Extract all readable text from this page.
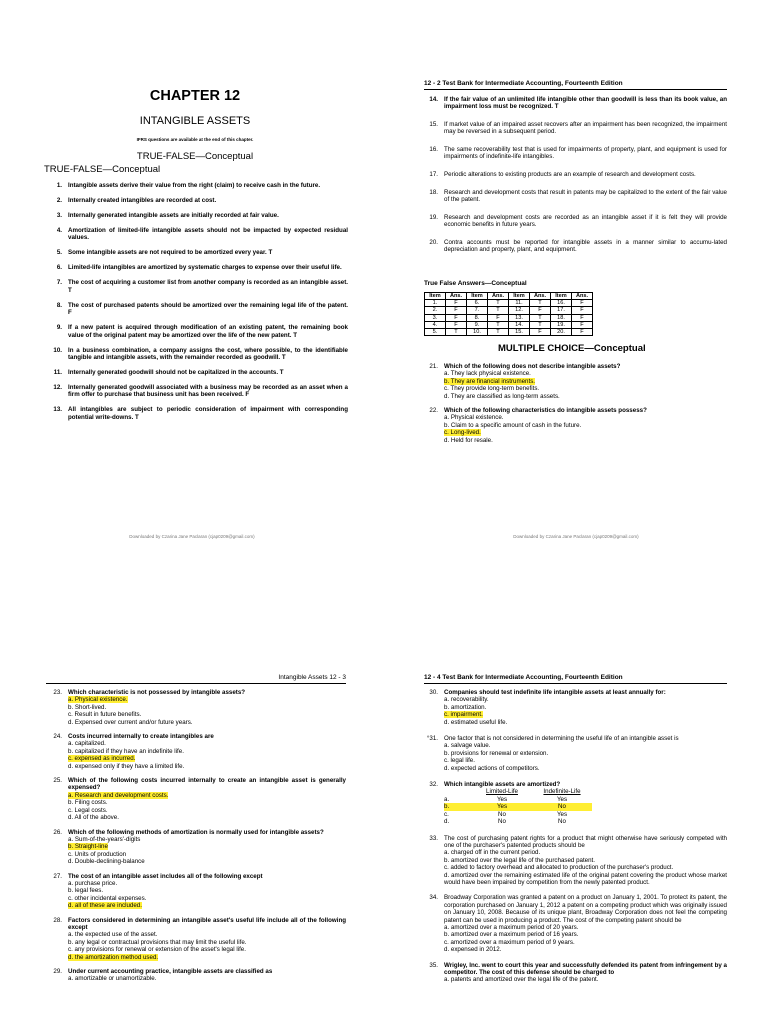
CHAPTER 12
INTANGIBLE ASSETS
IFRS questions are available at the end of this chapter.
TRUE-FALSE—Conceptual
TRUE-FALSE—Conceptual
1. Intangible assets derive their value from the right (claim) to receive cash in the future.
2. Internally created intangibles are recorded at cost.
3. Internally generated intangible assets are initially recorded at fair value.
4. Amortization of limited-life intangible assets should not be impacted by expected residual values.
5. Some intangible assets are not required to be amortized every year. T
6. Limited-life intangibles are amortized by systematic charges to expense over their useful life.
7. The cost of acquiring a customer list from another company is recorded as an intangible asset. T
8. The cost of purchased patents should be amortized over the remaining legal life of the patent. F
9. If a new patent is acquired through modification of an existing patent, the remaining book value of the original patent may be amortized over the life of the new patent. T
10. In a business combination, a company assigns the cost, where possible, to the identifiable tangible and intangible assets, with the remainder recorded as goodwill. T
11. Internally generated goodwill should not be capitalized in the accounts. T
12. Internally generated goodwill associated with a business may be recorded as an asset when a firm offer to purchase that business unit has been received. F
13. All intangibles are subject to periodic consideration of impairment with corresponding potential write-downs. T
Downloaded by Czarina Jane Paclaran (cjap0209@gmail.com)
12 - 2 Test Bank for Intermediate Accounting, Fourteenth Edition
14. If the fair value of an unlimited life intangible other than goodwill is less than its book value, an impairment loss must be recognized. T
15. If market value of an impaired asset recovers after an impairment has been recognized, the impairment may be reversed in a subsequent period.
16. The same recoverability test that is used for impairments of property, plant, and equipment is used for impairments of indefinite-life intangibles.
17. Periodic alterations to existing products are an example of research and development costs.
18. Research and development costs that result in patents may be capitalized to the extent of the fair value of the patent.
19. Research and development costs are recorded as an intangible asset if it is felt they will provide economic benefits in future years.
20. Contra accounts must be reported for intangible assets in a manner similar to accumu-lated depreciation and property, plant, and equipment.
True False Answers—Conceptual
Item	Ans.	Item	Ans.	Item	Ans.	Item	Ans.
1.	F	6.	T	11.	T	16.	F
2.	F	7.	T	12.	F	17.	F
3.	F	8.	F	13.	T	18.	F
4.	F	9.	T	14.	T	19.	F
5.	T	10.	T	15.	F	20.	F
MULTIPLE CHOICE—Conceptual
21. Which of the following does not describe intangible assets?
a. They lack physical existence.
b. They are financial instruments.
c. They provide long-term benefits.
d. They are classified as long-term assets.
22. Which of the following characteristics do intangible assets possess?
a. Physical existence.
b. Claim to a specific amount of cash in the future.
c. Long-lived.
d. Held for resale.
Downloaded by Czarina Jane Paclaran (cjap0209@gmail.com)
Intangible Assets 12 - 3
23. Which characteristic is not possessed by intangible assets?
a. Physical existence.
b. Short-lived.
c. Result in future benefits.
d. Expensed over current and/or future years.
24. Costs incurred internally to create intangibles are
a. capitalized.
b. capitalized if they have an indefinite life.
c. expensed as incurred.
d. expensed only if they have a limited life.
25. Which of the following costs incurred internally to create an intangible asset is generally expensed?
a. Research and development costs.
b. Filing costs.
c. Legal costs.
d. All of the above.
26. Which of the following methods of amortization is normally used for intangible assets?
a. Sum-of-the-years'-digits
b. Straight-line
c. Units of production
d. Double-declining-balance
27. The cost of an intangible asset includes all of the following except
a. purchase price.
b. legal fees.
c. other incidental expenses.
d. all of these are included.
28. Factors considered in determining an intangible asset's useful life include all of the following except
a. the expected use of the asset.
b. any legal or contractual provisions that may limit the useful life.
c. any provisions for renewal or extension of the asset's legal life.
d. the amortization method used.
29. Under current accounting practice, intangible assets are classified as
a. amortizable or unamortizable.
12 - 4 Test Bank for Intermediate Accounting, Fourteenth Edition
30. Companies should test indefinite life intangible assets at least annually for:
a. recoverability.
b. amortization.
c. impairment.
d. estimated useful life.
°31. One factor that is not considered in determining the useful life of an intangible asset is
a. salvage value.
b. provisions for renewal or extension.
c. legal life.
d. expected actions of competitors.
32. Which intangible assets are amortized?
Limited-Life	Indefinite-Life
a.	Yes	Yes
b.	Yes	No
c.	No	Yes
d.	No	No
33. The cost of purchasing patent rights for a product that might otherwise have seriously competed with one of the purchaser's patented products should be
a. charged off in the current period.
b. amortized over the legal life of the purchased patent.
c. added to factory overhead and allocated to production of the purchaser's product.
d. amortized over the remaining estimated life of the original patent covering the product whose market would have been impaired by competition from the newly patented product.
34. Broadway Corporation was granted a patent on a product on January 1, 2001. To protect its patent, the corporation purchased on January 1, 2012 a patent on a competing product which was originally issued on January 10, 2008. Because of its unique plant, Broadway Corporation does not feel the competing patent can be used in producing a product. The cost of the competing patent should be
a. amortized over a maximum period of 20 years.
b. amortized over a maximum period of 16 years.
c. amortized over a maximum period of 9 years.
d. expensed in 2012.
35. Wrigley, Inc. went to court this year and successfully defended its patent from infringement by a competitor. The cost of this defense should be charged to
a. patents and amortized over the legal life of the patent.
